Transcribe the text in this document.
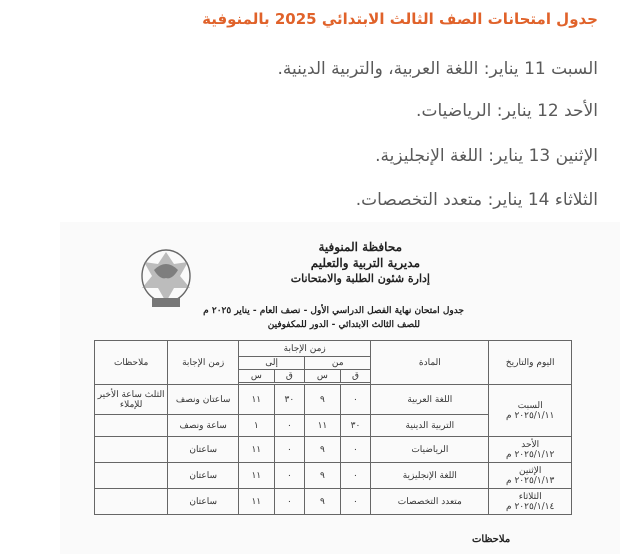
جدول امتحانات الصف الثالث الابتدائي 2025 بالمنوفية
السبت 11 يناير: اللغة العربية، والتربية الدينية.
الأحد 12 يناير: الرياضيات.
الإثنين 13 يناير: اللغة الإنجليزية.
الثلاثاء 14 يناير: متعدد التخصصات.
محافظة المنوفية
مديرية التربية والتعليم
إدارة شئون الطلبة والامتحانات
جدول امتحان نهاية الفصل الدراسي الأول - نصف العام - يناير ٢٠٢٥ م
للصف الثالث الابتدائي - الدور للمكفوفين
اليوم والتاريخ	المادة	زمن الإجابة				زمن الإجابة	ملاحظات
		من		إلى			
		ق	س	ق	س		

السبت
٢٠٢٥/١/١١ م	اللغة العربية	٠	٩	٣٠	١١	ساعتان ونصف	الثلث ساعة الأخير للإملاء
	التربية الدينية	٣٠	١١	٠	١	ساعة ونصف	
الأحد
٢٠٢٥/١/١٢ م	الرياضيات	٠	٩	٠	١١	ساعتان	
الإثنين
٢٠٢٥/١/١٣ م	اللغة الإنجليزية	٠	٩	٠	١١	ساعتان	
الثلاثاء
٢٠٢٥/١/١٤ م	متعدد التخصصات	٠	٩	٠	١١	ساعتان	
ملاحظات
